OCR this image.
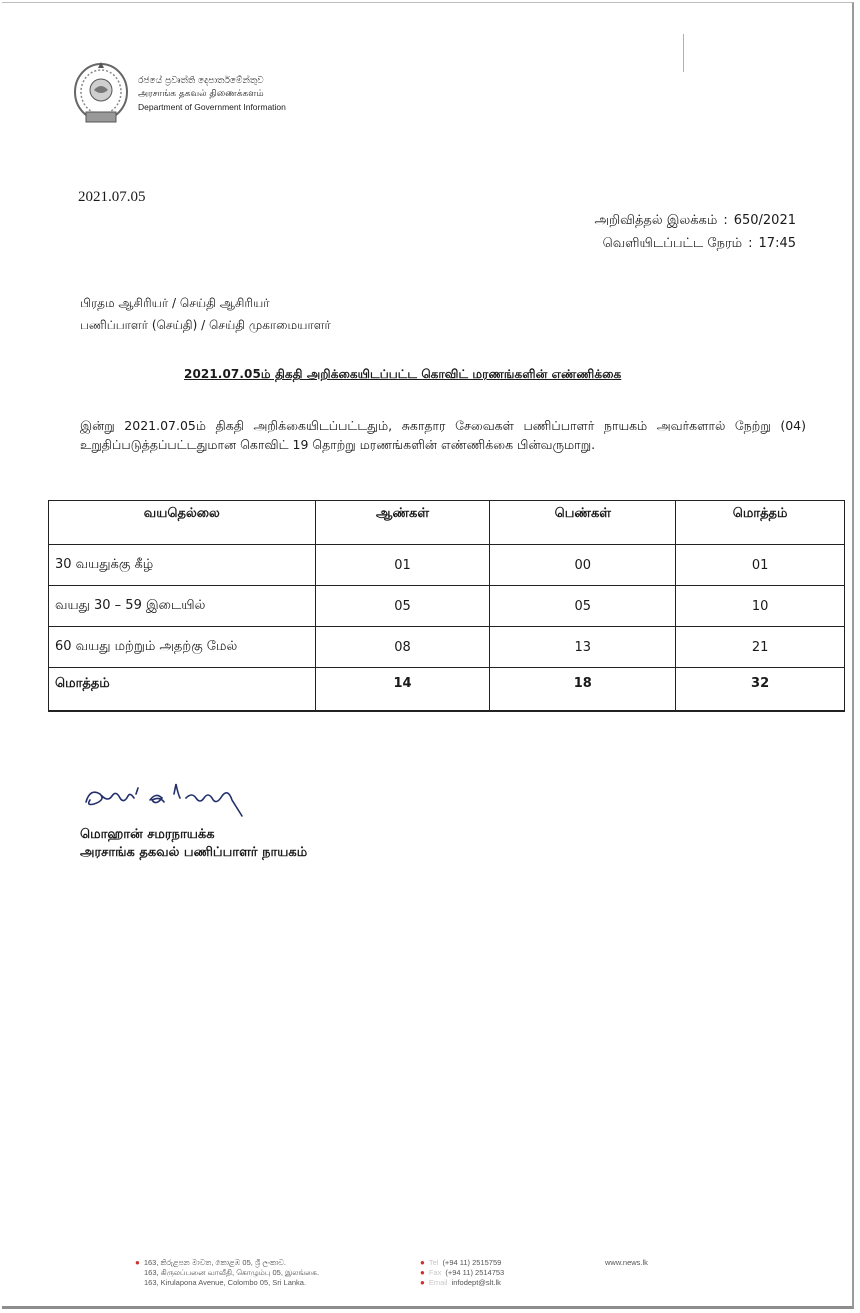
රජයේ ප්‍රවෘත්ති දෙපාර්තමේන්තුව
அரசாங்க தகவல் திணைக்களம்
Department of Government Information
2021.07.05
அறிவித்தல் இலக்கம் : 650/2021
வெளியிடப்பட்ட நேரம் : 17:45
பிரதம ஆசிரியர் / செய்தி ஆசிரியர்
பணிப்பாளர் (செய்தி) / செய்தி முகாமையாளர்
2021.07.05ம் திகதி அறிக்கையிடப்பட்ட கொவிட் மரணங்களின் எண்ணிக்கை
இன்று 2021.07.05ம் திகதி அறிக்கையிடப்பட்டதும், சுகாதார சேவைகள் பணிப்பாளர் நாயகம் அவர்களால் நேற்று (04) உறுதிப்படுத்தப்பட்டதுமான கொவிட் 19 தொற்று மரணங்களின் எண்ணிக்கை பின்வருமாறு.
வயதெல்லை	ஆண்கள்	பெண்கள்	மொத்தம்
30 வயதுக்கு கீழ்	01	00	01
வயது 30 – 59 இடையில்	05	05	10
60 வயது மற்றும் அதற்கு மேல்	08	13	21
மொத்தம்	14	18	32
மொஹான் சமரநாயக்க
அரசாங்க தகவல் பணிப்பாளர் நாயகம்
● 163, කිරුළපන මාවත, කොළඹ 05, ශ්‍රී ලංකාව.
163, கிருலப்பனை வாவீதி, கொழும்பு 05, இலங்கை.
163, Kirulapona Avenue, Colombo 05, Sri Lanka.
● Tel (+94 11) 2515759
● Fax (+94 11) 2514753
● Email infodept@slt.lk
www.news.lk
